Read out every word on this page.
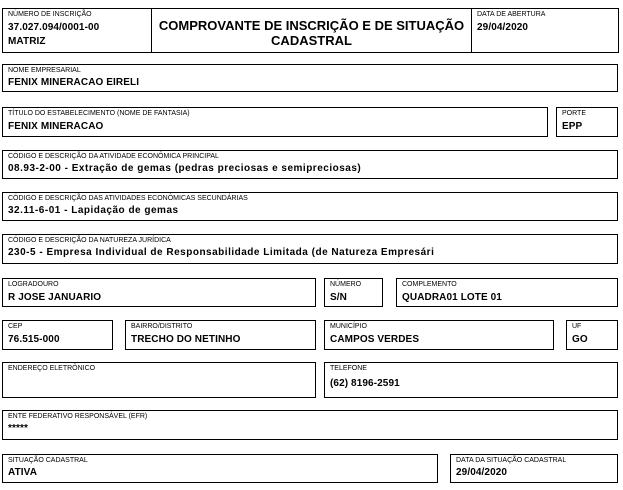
NÚMERO DE INSCRIÇÃO
37.027.094/0001-00
MATRIZ
COMPROVANTE DE INSCRIÇÃO E DE SITUAÇÃO
CADASTRAL
DATA DE ABERTURA
29/04/2020
NOME EMPRESARIAL
FENIX MINERACAO EIRELI
TÍTULO DO ESTABELECIMENTO (NOME DE FANTASIA)
FENIX MINERACAO
PORTE
EPP
CÓDIGO E DESCRIÇÃO DA ATIVIDADE ECONÔMICA PRINCIPAL
08.93-2-00 - Extração de gemas (pedras preciosas e semipreciosas)
CÓDIGO E DESCRIÇÃO DAS ATIVIDADES ECONÔMICAS SECUNDÁRIAS
32.11-6-01 - Lapidação de gemas
CÓDIGO E DESCRIÇÃO DA NATUREZA JURÍDICA
230-5 - Empresa Individual de Responsabilidade Limitada (de Natureza Empresári
LOGRADOURO
R JOSE JANUARIO
NÚMERO
S/N
COMPLEMENTO
QUADRA01 LOTE 01
CEP
76.515-000
BAIRRO/DISTRITO
TRECHO DO NETINHO
MUNICÍPIO
CAMPOS VERDES
UF
GO
ENDEREÇO ELETRÔNICO	TELEFONE
(62) 8196-2591
ENTE FEDERATIVO RESPONSÁVEL (EFR)
*****
SITUAÇÃO CADASTRAL
ATIVA
DATA DA SITUAÇÃO CADASTRAL
29/04/2020
